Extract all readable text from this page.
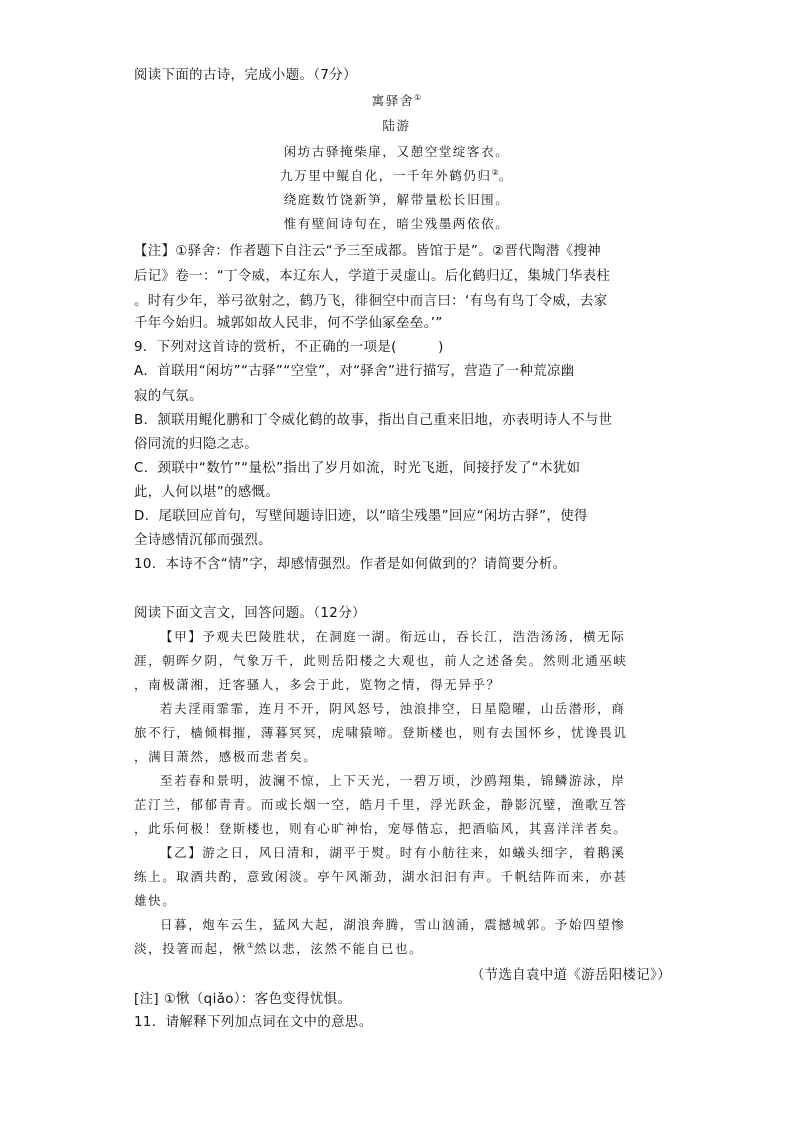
阅读下面的古诗，完成小题。（7分）

寓驿舍①

陆游

闲坊古驿掩柴扉，又憩空堂绽客衣。

九万里中鲲自化，一千年外鹤仍归②。

绕庭数竹饶新笋，解带量松长旧围。

惟有壁间诗句在，暗尘残墨两依依。

【注】①驿舍：作者题下自注云“予三至成都。皆馆于是”。②晋代陶潜《搜神

后记》卷一：“丁令威，本辽东人，学道于灵虚山。后化鹤归辽，集城门华表柱

。时有少年，举弓欲射之，鹤乃飞，徘徊空中而言曰：‘有鸟有鸟丁令威，去家

千年今始归。城郭如故人民非，何不学仙冢垒垒。’”

9．下列对这首诗的赏析，不正确的一项是(　　　)

A．首联用“闲坊”“古驿”“空堂”，对“驿舍”进行描写，营造了一种荒凉幽

寂的气氛。

B．颔联用鲲化鹏和丁令威化鹤的故事，指出自己重来旧地，亦表明诗人不与世

俗同流的归隐之志。

C．颈联中“数竹”“量松”指出了岁月如流，时光飞逝，间接抒发了“木犹如

此，人何以堪”的感慨。

D．尾联回应首句，写壁间题诗旧迹，以“暗尘残墨”回应“闲坊古驿”，使得

全诗感情沉郁而强烈。

10．本诗不含“情”字，却感情强烈。作者是如何做到的？请简要分析。

阅读下面文言文，回答问题。（12分）

【甲】予观夫巴陵胜状，在洞庭一湖。衔远山，吞长江，浩浩汤汤，横无际

涯，朝晖夕阴，气象万千，此则岳阳楼之大观也，前人之述备矣。然则北通巫峡

，南极潇湘，迁客骚人，多会于此，览物之情，得无异乎？

若夫淫雨霏霏，连月不开，阴风怒号，浊浪排空，日星隐曜，山岳潜形，商

旅不行，樯倾楫摧，薄暮冥冥，虎啸猿啼。登斯楼也，则有去国怀乡，忧谗畏讥

，满目萧然，感极而悲者矣。

至若春和景明，波澜不惊，上下天光，一碧万顷，沙鸥翔集，锦鳞游泳，岸

芷汀兰，郁郁青青。而或长烟一空，皓月千里，浮光跃金，静影沉璧，渔歌互答

，此乐何极！登斯楼也，则有心旷神怡，宠辱偕忘，把酒临风，其喜洋洋者矣。

【乙】游之日，风日清和，湖平于熨。时有小舫往来，如蟻头细字，着鹅溪

练上。取酒共酌，意致闲淡。亭午风渐劲，湖水汩汩有声。千帆结阵而来，亦甚

雄快。

日暮，炮车云生，猛风大起，湖浪奔腾，雪山汹涌，震撼城郭。予始四望惨

淡，投箸而起，愀①然以悲，泫然不能自已也。

（节选自袁中道《游岳阳楼记》）

[注] ①愀（qiǎo）：客色变得忧惧。

11．请解释下列加点词在文中的意思。
